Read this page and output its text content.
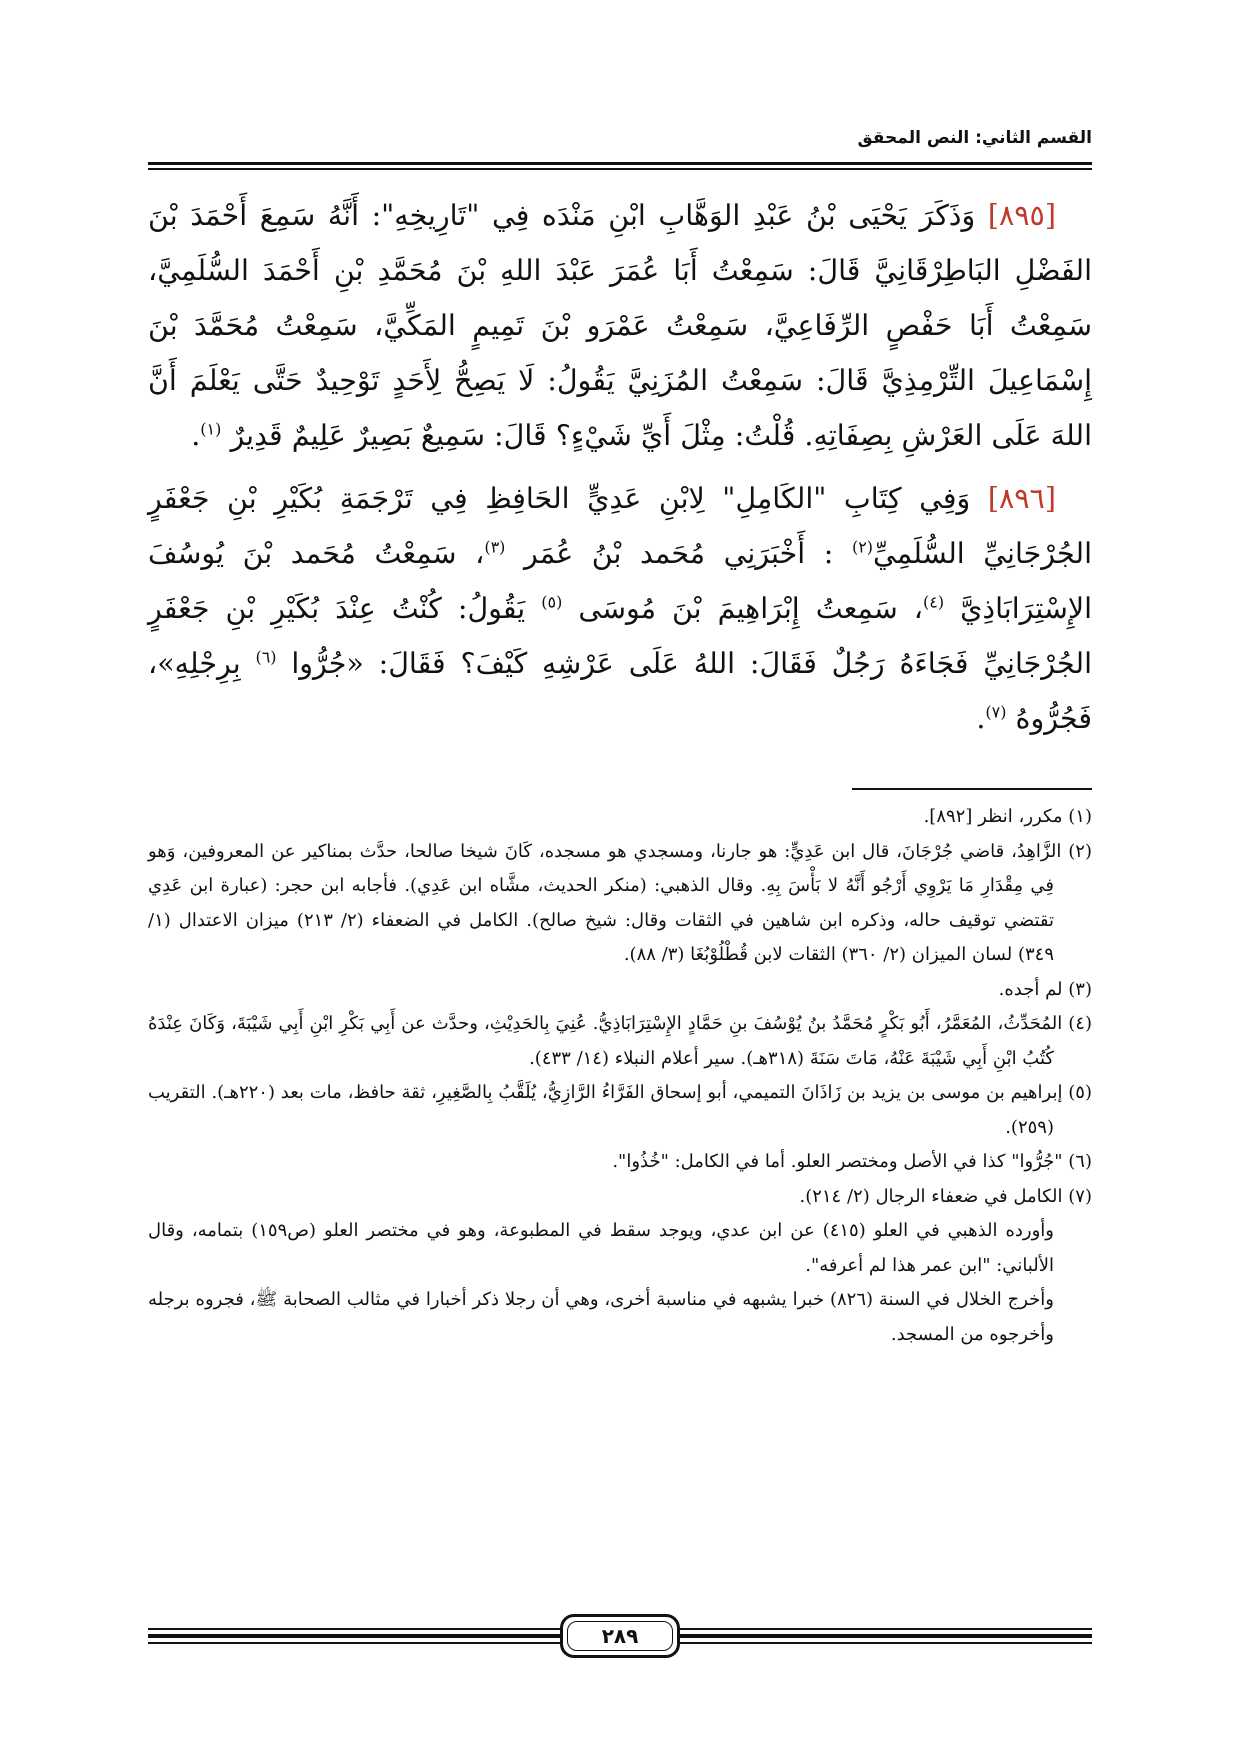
القسم الثاني: النص المحقق

[٨٩٥] وَذَكَرَ يَحْيَى بْنُ عَبْدِ الوَهَّابِ ابْنِ مَنْدَه فِي "تَارِيخِهِ": أَنَّهُ سَمِعَ أَحْمَدَ بْنَ الفَضْلِ البَاطِرْقَانِيَّ قَالَ: سَمِعْتُ أَبَا عُمَرَ عَبْدَ اللهِ بْنَ مُحَمَّدِ بْنِ أَحْمَدَ السُّلَمِيَّ، سَمِعْتُ أَبَا حَفْصٍ الرِّفَاعِيَّ، سَمِعْتُ عَمْرَو بْنَ تَمِيمٍ المَكِّيَّ، سَمِعْتُ مُحَمَّدَ بْنَ إِسْمَاعِيلَ التِّرْمِذِيَّ قَالَ: سَمِعْتُ المُزَنِيَّ يَقُولُ: لَا يَصِحُّ لِأَحَدٍ تَوْحِيدٌ حَتَّى يَعْلَمَ أَنَّ اللهَ عَلَى العَرْشِ بِصِفَاتِهِ. قُلْتُ: مِثْلَ أَيِّ شَيْءٍ؟ قَالَ: سَمِيعٌ بَصِيرٌ عَلِيمٌ قَدِيرٌ $^{(١)}$.

[٨٩٦] وَفِي كِتَابِ "الكَامِلِ" لِابْنِ عَدِيٍّ الحَافِظِ فِي تَرْجَمَةِ بُكَيْرِ بْنِ جَعْفَرٍ الجُرْجَانِيِّ السُّلَمِيِّ$^{(٢)}$ : أَخْبَرَنِي مُحَمد بْنُ عُمَر $^{(٣)}$، سَمِعْتُ مُحَمد بْنَ يُوسُفَ الإِسْتِرَابَاذِيَّ $^{(٤)}$، سَمِعتُ إِبْرَاهِيمَ بْنَ مُوسَى $^{(٥)}$ يَقُولُ: كُنْتُ عِنْدَ بُكَيْرِ بْنِ جَعْفَرٍ الجُرْجَانِيِّ فَجَاءَهُ رَجُلٌ فَقَالَ: اللهُ عَلَى عَرْشِهِ كَيْفَ؟ فَقَالَ: «جُرُّوا $^{(٦)}$ بِرِجْلِهِ»، فَجُرُّوهُ $^{(٧)}$.

(١) مكرر، انظر [٨٩٢].

(٢) الزَّاهِدُ، قاضي جُرْجَانَ، قال ابن عَدِيٍّ: هو جارنا، ومسجدي هو مسجده، كَانَ شيخا صالحا، حدَّث بمناكير عن المعروفين، وَهو فِي مِقْدَارِ مَا يَرْوِي أَرْجُو أَنَّهُ لا بَأْسَ بِهِ. وقال الذهبي: (منكر الحديث، مشَّاه ابن عَدِي). فأجابه ابن حجر: (عبارة ابن عَدِي تقتضي توقيف حاله، وذكره ابن شاهين في الثقات وقال: شيخ صالح). الكامل في الضعفاء (٢/ ٢١٣) ميزان الاعتدال (١/ ٣٤٩) لسان الميزان (٢/ ٣٦٠) الثقات لابن قُطْلُوْبُغَا (٣/ ٨٨).

(٣) لم أجده.

(٤) المُحَدِّثُ، المُعَمَّرُ، أَبُو بَكْرٍ مُحَمَّدُ بنُ يُوْسُفَ بنِ حَمَّادٍ الإِسْتِرَابَاذِيُّ. عُنِيَ بِالحَدِيْثِ، وحدَّث عن أَبِي بَكْرِ ابْنِ أَبِي شَيْبَةَ، وَكَانَ عِنْدَهُ كُتُبُ ابْنِ أَبِي شَيْبَةَ عَنْهُ، مَاتَ سَنَةَ (٣١٨هـ). سير أعلام النبلاء (١٤/ ٤٣٣).

(٥) إبراهيم بن موسى بن يزيد بن زَاذَانَ التميمي، أبو إسحاق الفَرَّاءُ الرَّازِيُّ، يُلَقَّبُ بِالصَّغِيرِ، ثقة حافظ، مات بعد (٢٢٠هـ). التقريب (٢٥٩).

(٦) "جُرُّوا" كذا في الأصل ومختصر العلو. أما في الكامل: "خُذُوا".

(٧) الكامل في ضعفاء الرجال (٢/ ٢١٤).

وأورده الذهبي في العلو (٤١٥) عن ابن عدي، ويوجد سقط في المطبوعة، وهو في مختصر العلو (ص١٥٩) بتمامه، وقال الألباني: "ابن عمر هذا لم أعرفه".

وأخرج الخلال في السنة (٨٢٦) خبرا يشبهه في مناسبة أخرى، وهي أن رجلا ذكر أخبارا في مثالب الصحابة ﷺ، فجروه برجله وأخرجوه من المسجد.

٢٨٩
